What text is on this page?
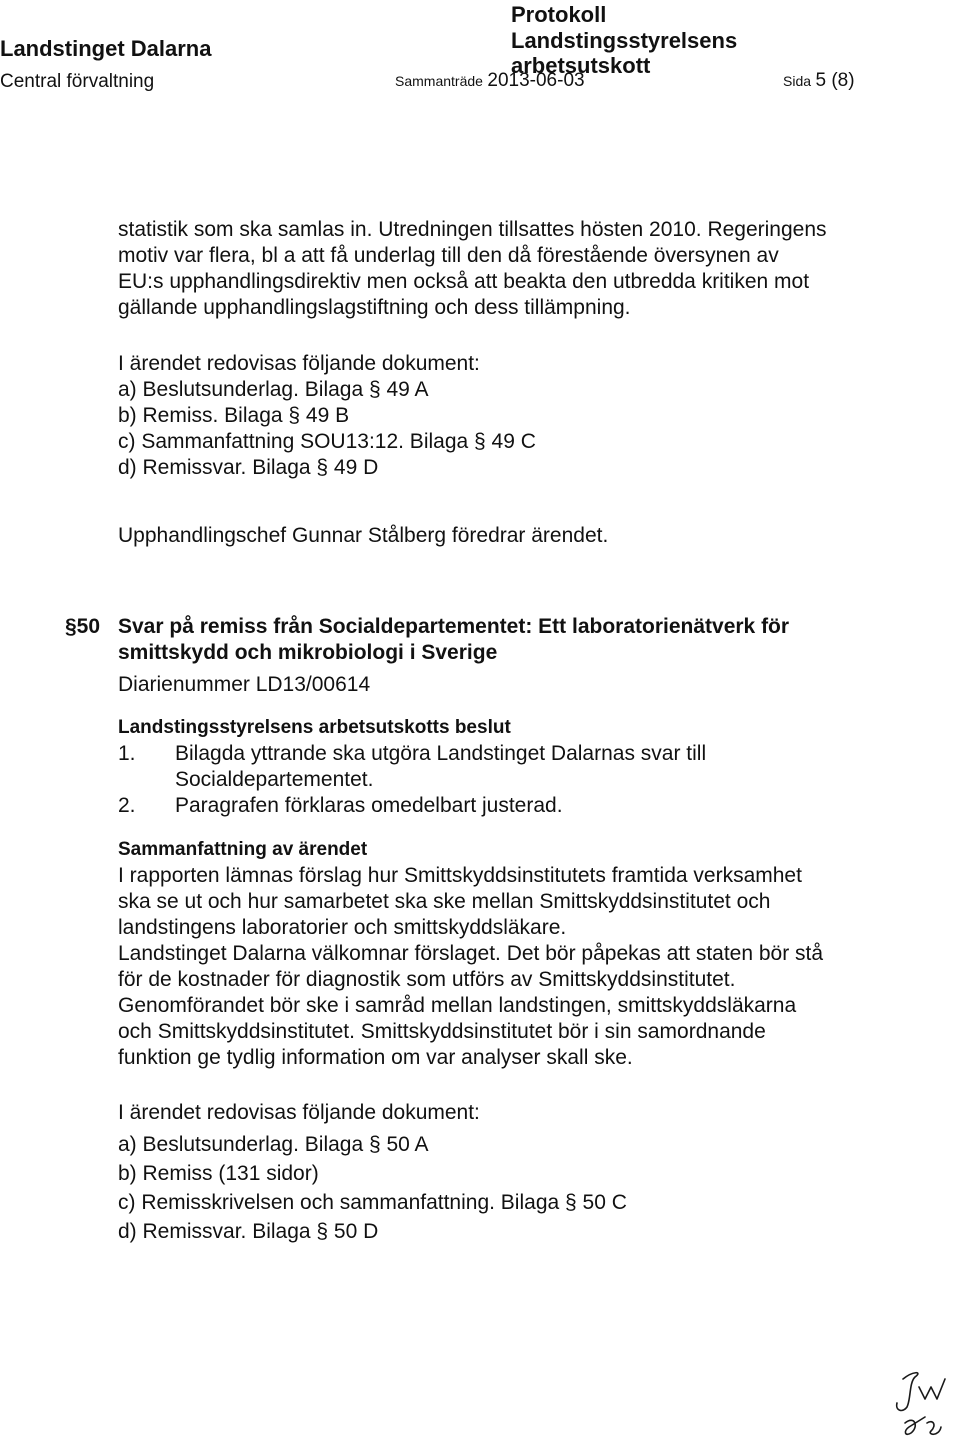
Landstinget Dalarna
Central förvaltning
Protokoll
Landstingsstyrelsens
arbetsutskott
Sammanträde 2013-06-03	Sida 5 (8)
statistik som ska samlas in. Utredningen tillsattes hösten 2010. Regeringens
motiv var flera, bl a att få underlag till den då förestående översynen av
EU:s upphandlingsdirektiv men också att beakta den utbredda kritiken mot
gällande upphandlingslagstiftning och dess tillämpning.
I ärendet redovisas följande dokument:
a) Beslutsunderlag. Bilaga § 49 A
b) Remiss. Bilaga § 49 B
c) Sammanfattning SOU13:12. Bilaga § 49 C
d) Remissvar. Bilaga § 49 D
Upphandlingschef Gunnar Stålberg föredrar ärendet.
§50 Svar på remiss från Socialdepartementet: Ett laboratorienätverk för
smittskydd och mikrobiologi i Sverige
Diarienummer LD13/00614
Landstingsstyrelsens arbetsutskotts beslut
1. Bilagda yttrande ska utgöra Landstinget Dalarnas svar till
Socialdepartementet.
2. Paragrafen förklaras omedelbart justerad.
Sammanfattning av ärendet
I rapporten lämnas förslag hur Smittskyddsinstitutets framtida verksamhet
ska se ut och hur samarbetet ska ske mellan Smittskyddsinstitutet och
landstingens laboratorier och smittskyddsläkare.
Landstinget Dalarna välkomnar förslaget. Det bör påpekas att staten bör stå
för de kostnader för diagnostik som utförs av Smittskyddsinstitutet.
Genomförandet bör ske i samråd mellan landstingen, smittskyddsläkarna
och Smittskyddsinstitutet. Smittskyddsinstitutet bör i sin samordnande
funktion ge tydlig information om var analyser skall ske.
I ärendet redovisas följande dokument:
a) Beslutsunderlag. Bilaga § 50 A
b) Remiss (131 sidor)
c) Remisskrivelsen och sammanfattning. Bilaga § 50 C
d) Remissvar. Bilaga § 50 D
